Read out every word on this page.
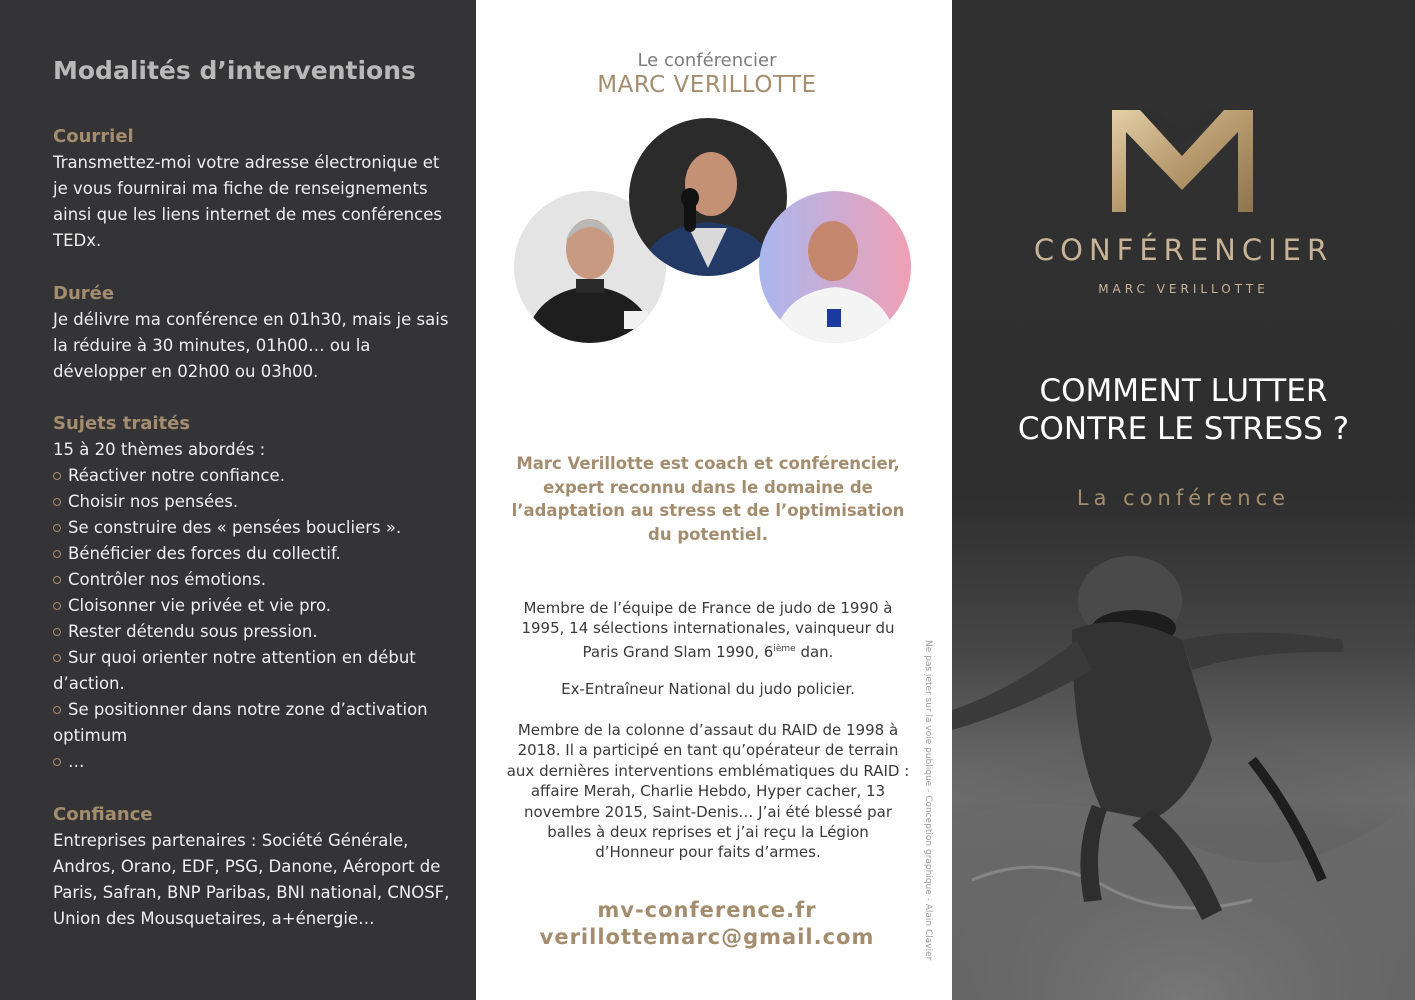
Modalités d’interventions
Courriel
Transmettez-moi votre adresse électronique et je vous fournirai ma fiche de renseignements ainsi que les liens internet de mes conférences TEDx.
Durée
Je délivre ma conférence en 01h30, mais je sais la réduire à 30 minutes, 01h00… ou la développer en 02h00 ou 03h00.
Sujets traités
15 à 20 thèmes abordés :
Réactiver notre confiance.
Choisir nos pensées.
Se construire des « pensées boucliers ».
Bénéficier des forces du collectif.
Contrôler nos émotions.
Cloisonner vie privée et vie pro.
Rester détendu sous pression.
Sur quoi orienter notre attention en début d’action.
Se positionner dans notre zone d’activation optimum
…
Confiance
Entreprises partenaires : Société Générale, Andros, Orano, EDF, PSG, Danone, Aéroport de Paris, Safran, BNP Paribas, BNI national, CNOSF, Union des Mousquetaires, a+énergie…
Le conférencier
MARC VERILLOTTE
Marc Verillotte est coach et conférencier, expert reconnu dans le domaine de l’adaptation au stress et de l’optimisation du potentiel.
Membre de l’équipe de France de judo de 1990 à 1995, 14 sélections internationales, vainqueur du Paris Grand Slam 1990, 6ième dan.
Ex-Entraîneur National du judo policier.
Membre de la colonne d’assaut du RAID de 1998 à 2018. Il a participé en tant qu’opérateur de terrain aux dernières interventions emblématiques du RAID : affaire Merah, Charlie Hebdo, Hyper cacher, 13 novembre 2015, Saint-Denis… J’ai été blessé par balles à deux reprises et j’ai reçu la Légion d’Honneur pour faits d’armes.
mv-conference.fr
verillottemarc@gmail.com	Ne pas jeter sur la voie publique - Conception graphique - Alain Clavier
CONFÉRENCIER
MARC VERILLOTTE
COMMENT LUTTER
CONTRE LE STRESS ?
La conférence
